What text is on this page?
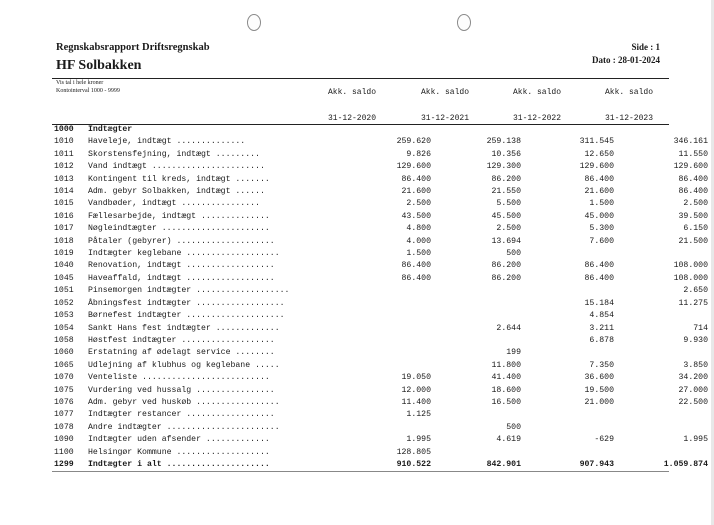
Regnskabsrapport Driftsregnskab
HF Solbakken
Vis tal i hele kroner
Kontointerval 1000 - 9999
Side : 1
Dato : 28-01-2024
Akk. saldo	Akk. saldo	Akk. saldo	Akk. saldo
31-12-2020	31-12-2021	31-12-2022	31-12-2023
1000	Indtægter				
1010	Haveleje, indtægt ..............	259.620	259.138	311.545	346.161
1011	Skorstensfejning, indtægt .........	9.826	10.356	12.650	11.550
1012	Vand indtægt .......................	129.600	129.300	129.600	129.600
1013	Kontingent til kreds, indtægt .......	86.400	86.200	86.400	86.400
1014	Adm. gebyr Solbakken, indtægt ......	21.600	21.550	21.600	86.400
1015	Vandbøder, indtægt ................	2.500	5.500	1.500	2.500
1016	Fællesarbejde, indtægt ..............	43.500	45.500	45.000	39.500
1017	Nøgleindtægter ......................	4.800	2.500	5.300	6.150
1018	Påtaler (gebyrer) ....................	4.000	13.694	7.600	21.500
1019	Indtægter keglebane ...................	1.500	500		
1040	Renovation, indtægt ..................	86.400	86.200	86.400	108.000
1045	Haveaffald, indtægt ..................	86.400	86.200	86.400	108.000
1051	Pinsemorgen indtægter ...................				2.650
1052	Åbningsfest indtægter ..................			15.184	11.275
1053	Børnefest indtægter ....................			4.854	
1054	Sankt Hans fest indtægter .............		2.644	3.211	714
1058	Høstfest indtægter ...................			6.878	9.930
1060	Erstatning af ødelagt service ........		199		
1065	Udlejning af klubhus og keglebane .....		11.800	7.350	3.850
1070	Venteliste ..........................	19.050	41.400	36.600	34.200
1075	Vurdering ved hussalg ................	12.000	18.600	19.500	27.000
1076	Adm. gebyr ved huskøb .................	11.400	16.500	21.000	22.500
1077	Indtægter restancer ..................	1.125			
1078	Andre indtægter .......................		500		
1090	Indtægter uden afsender .............	1.995	4.619	-629	1.995
1100	Helsingør Kommune ...................	128.805			
1299	Indtægter i alt .....................	910.522	842.901	907.943	1.059.874
